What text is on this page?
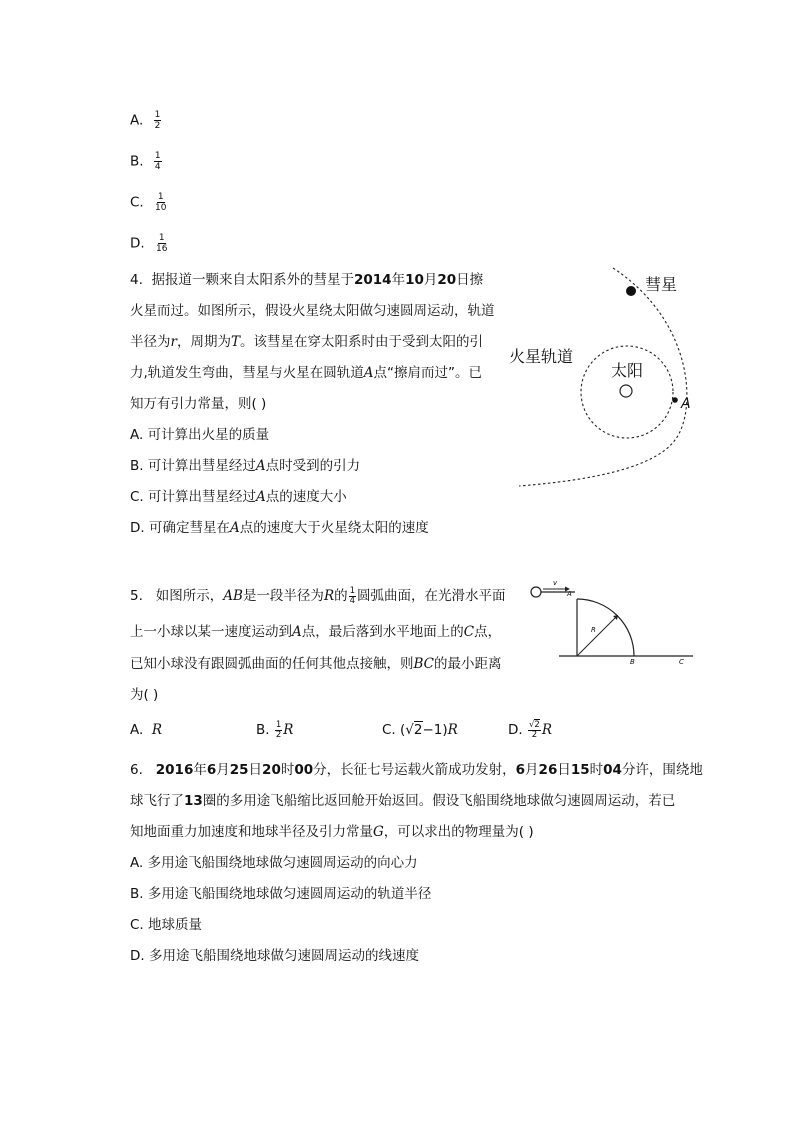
A. $\frac{1}{2}$
B. $\frac{1}{4}$
C. $\frac{1}{10}$
D. $\frac{1}{16}$
4. 据报道一颗来自太阳系外的彗星于2014年10月20日擦
火星而过。如图所示，假设火星绕太阳做匀速圆周运动，轨道
半径为r，周期为T。该彗星在穿太阳系时由于受到太阳的引
力,轨道发生弯曲，彗星与火星在圆轨道A点“擦肩而过”。已
知万有引力常量，则( )
A. 可计算出火星的质量
B. 可计算出彗星经过A点时受到的引力
C. 可计算出彗星经过A点的速度大小
D. 可确定彗星在A点的速度大于火星绕太阳的速度
彗星
火星轨道
太阳
A
5. 如图所示，AB是一段半径为R的 $\frac{1}{4}$ 圆弧曲面，在光滑水平面
上一小球以某一速度运动到A点，最后落到水平地面上的C点，
已知小球没有跟圆弧曲面的任何其他点接触，则BC的最小距离
为( )
A. R	B. $\frac{1}{2}$ R	C. (√2−1)R	D. $\frac{√2}{2}$ R
v
A
R
B	C
6. 2016年6月25日20时00分，长征七号运载火箭成功发射，6月26日15时04分许，围绕地
球飞行了13圈的多用途飞船缩比返回舱开始返回。假设飞船围绕地球做匀速圆周运动，若已
知地面重力加速度和地球半径及引力常量G，可以求出的物理量为( )
A. 多用途飞船围绕地球做匀速圆周运动的向心力
B. 多用途飞船围绕地球做匀速圆周运动的轨道半径
C. 地球质量
D. 多用途飞船围绕地球做匀速圆周运动的线速度
